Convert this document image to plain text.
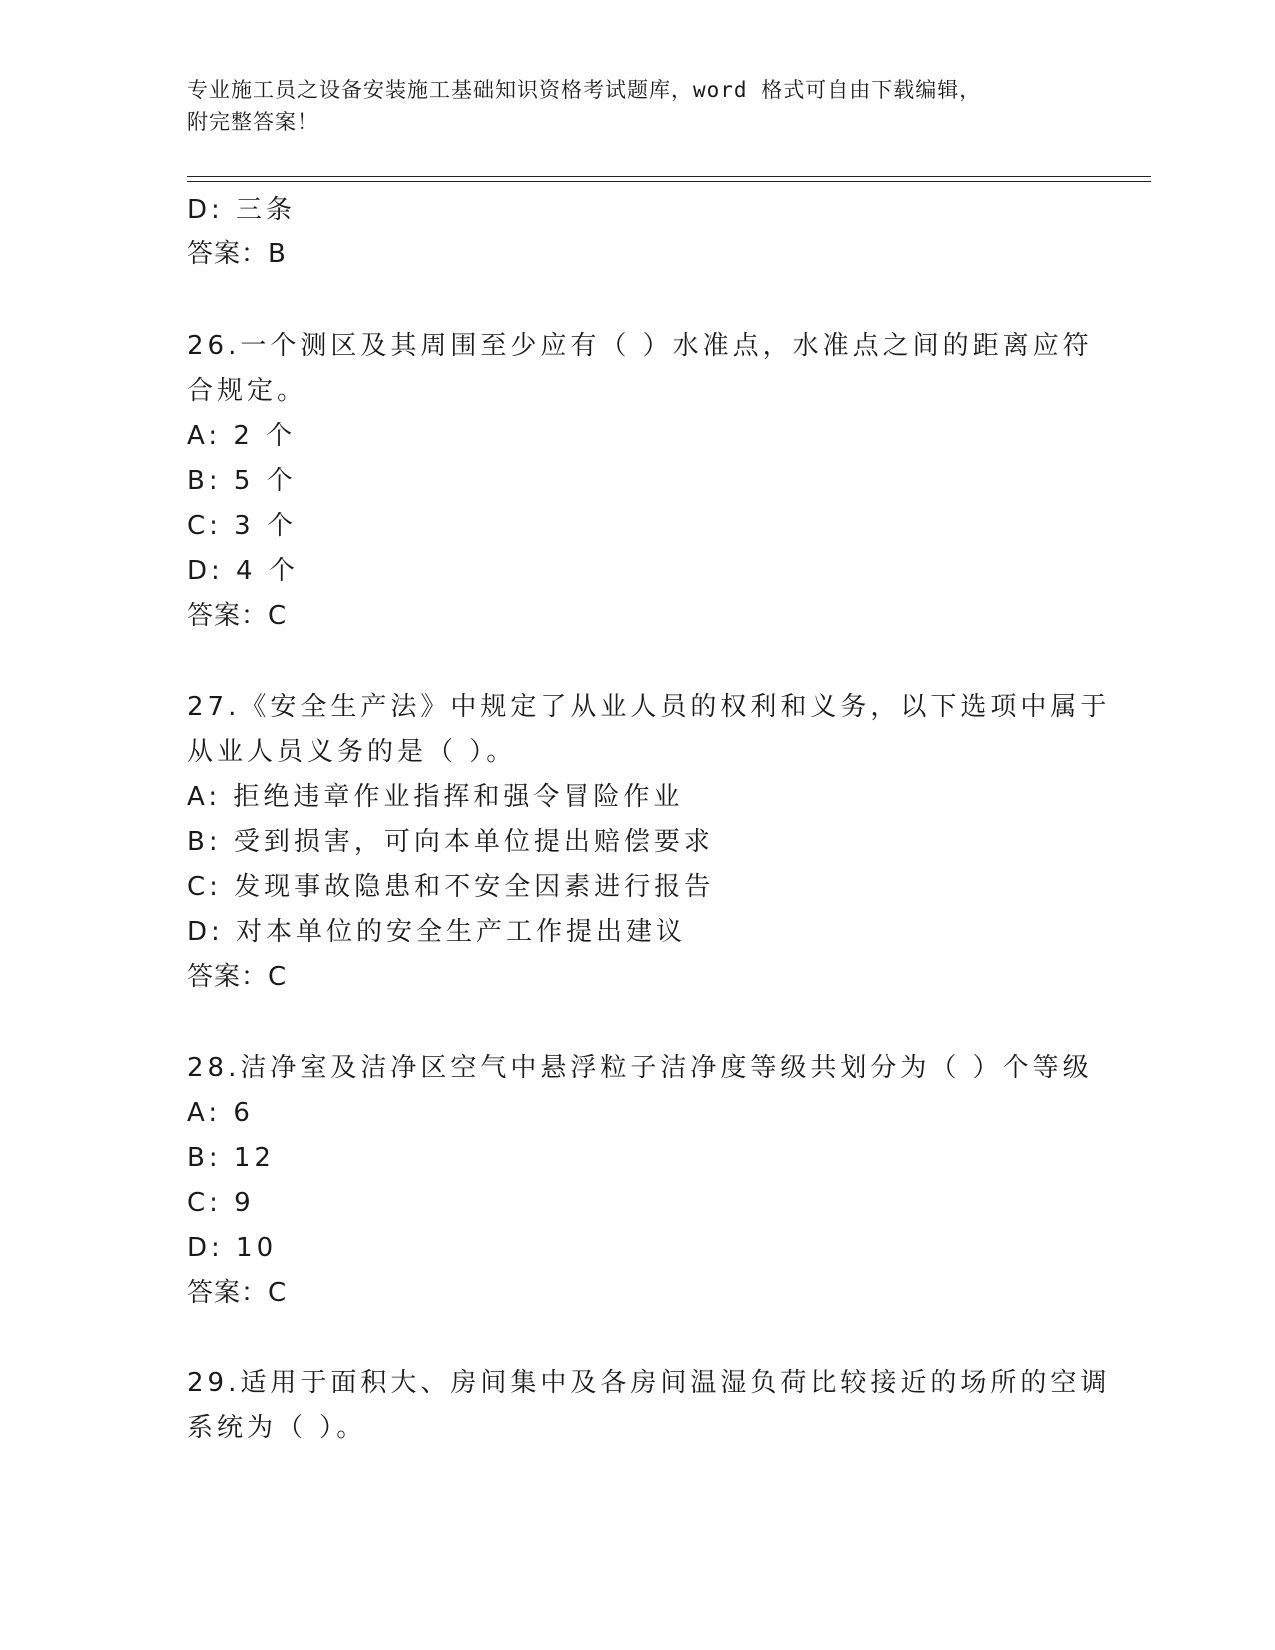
专业施工员之设备安装施工基础知识资格考试题库，word 格式可自由下载编辑，
附完整答案！
D: 三条
答案：B
26.一个测区及其周围至少应有（ ）水准点，水准点之间的距离应符
合规定。
A: 2 个
B: 5 个
C: 3 个
D: 4 个
答案：C
27.《安全生产法》中规定了从业人员的权利和义务，以下选项中属于
从业人员义务的是（ ）。
A: 拒绝违章作业指挥和强令冒险作业
B: 受到损害，可向本单位提出赔偿要求
C: 发现事故隐患和不安全因素进行报告
D: 对本单位的安全生产工作提出建议
答案：C
28.洁净室及洁净区空气中悬浮粒子洁净度等级共划分为（ ）个等级
A: 6
B: 12
C: 9
D: 10
答案：C
29.适用于面积大、房间集中及各房间温湿负荷比较接近的场所的空调
系统为（ ）。
